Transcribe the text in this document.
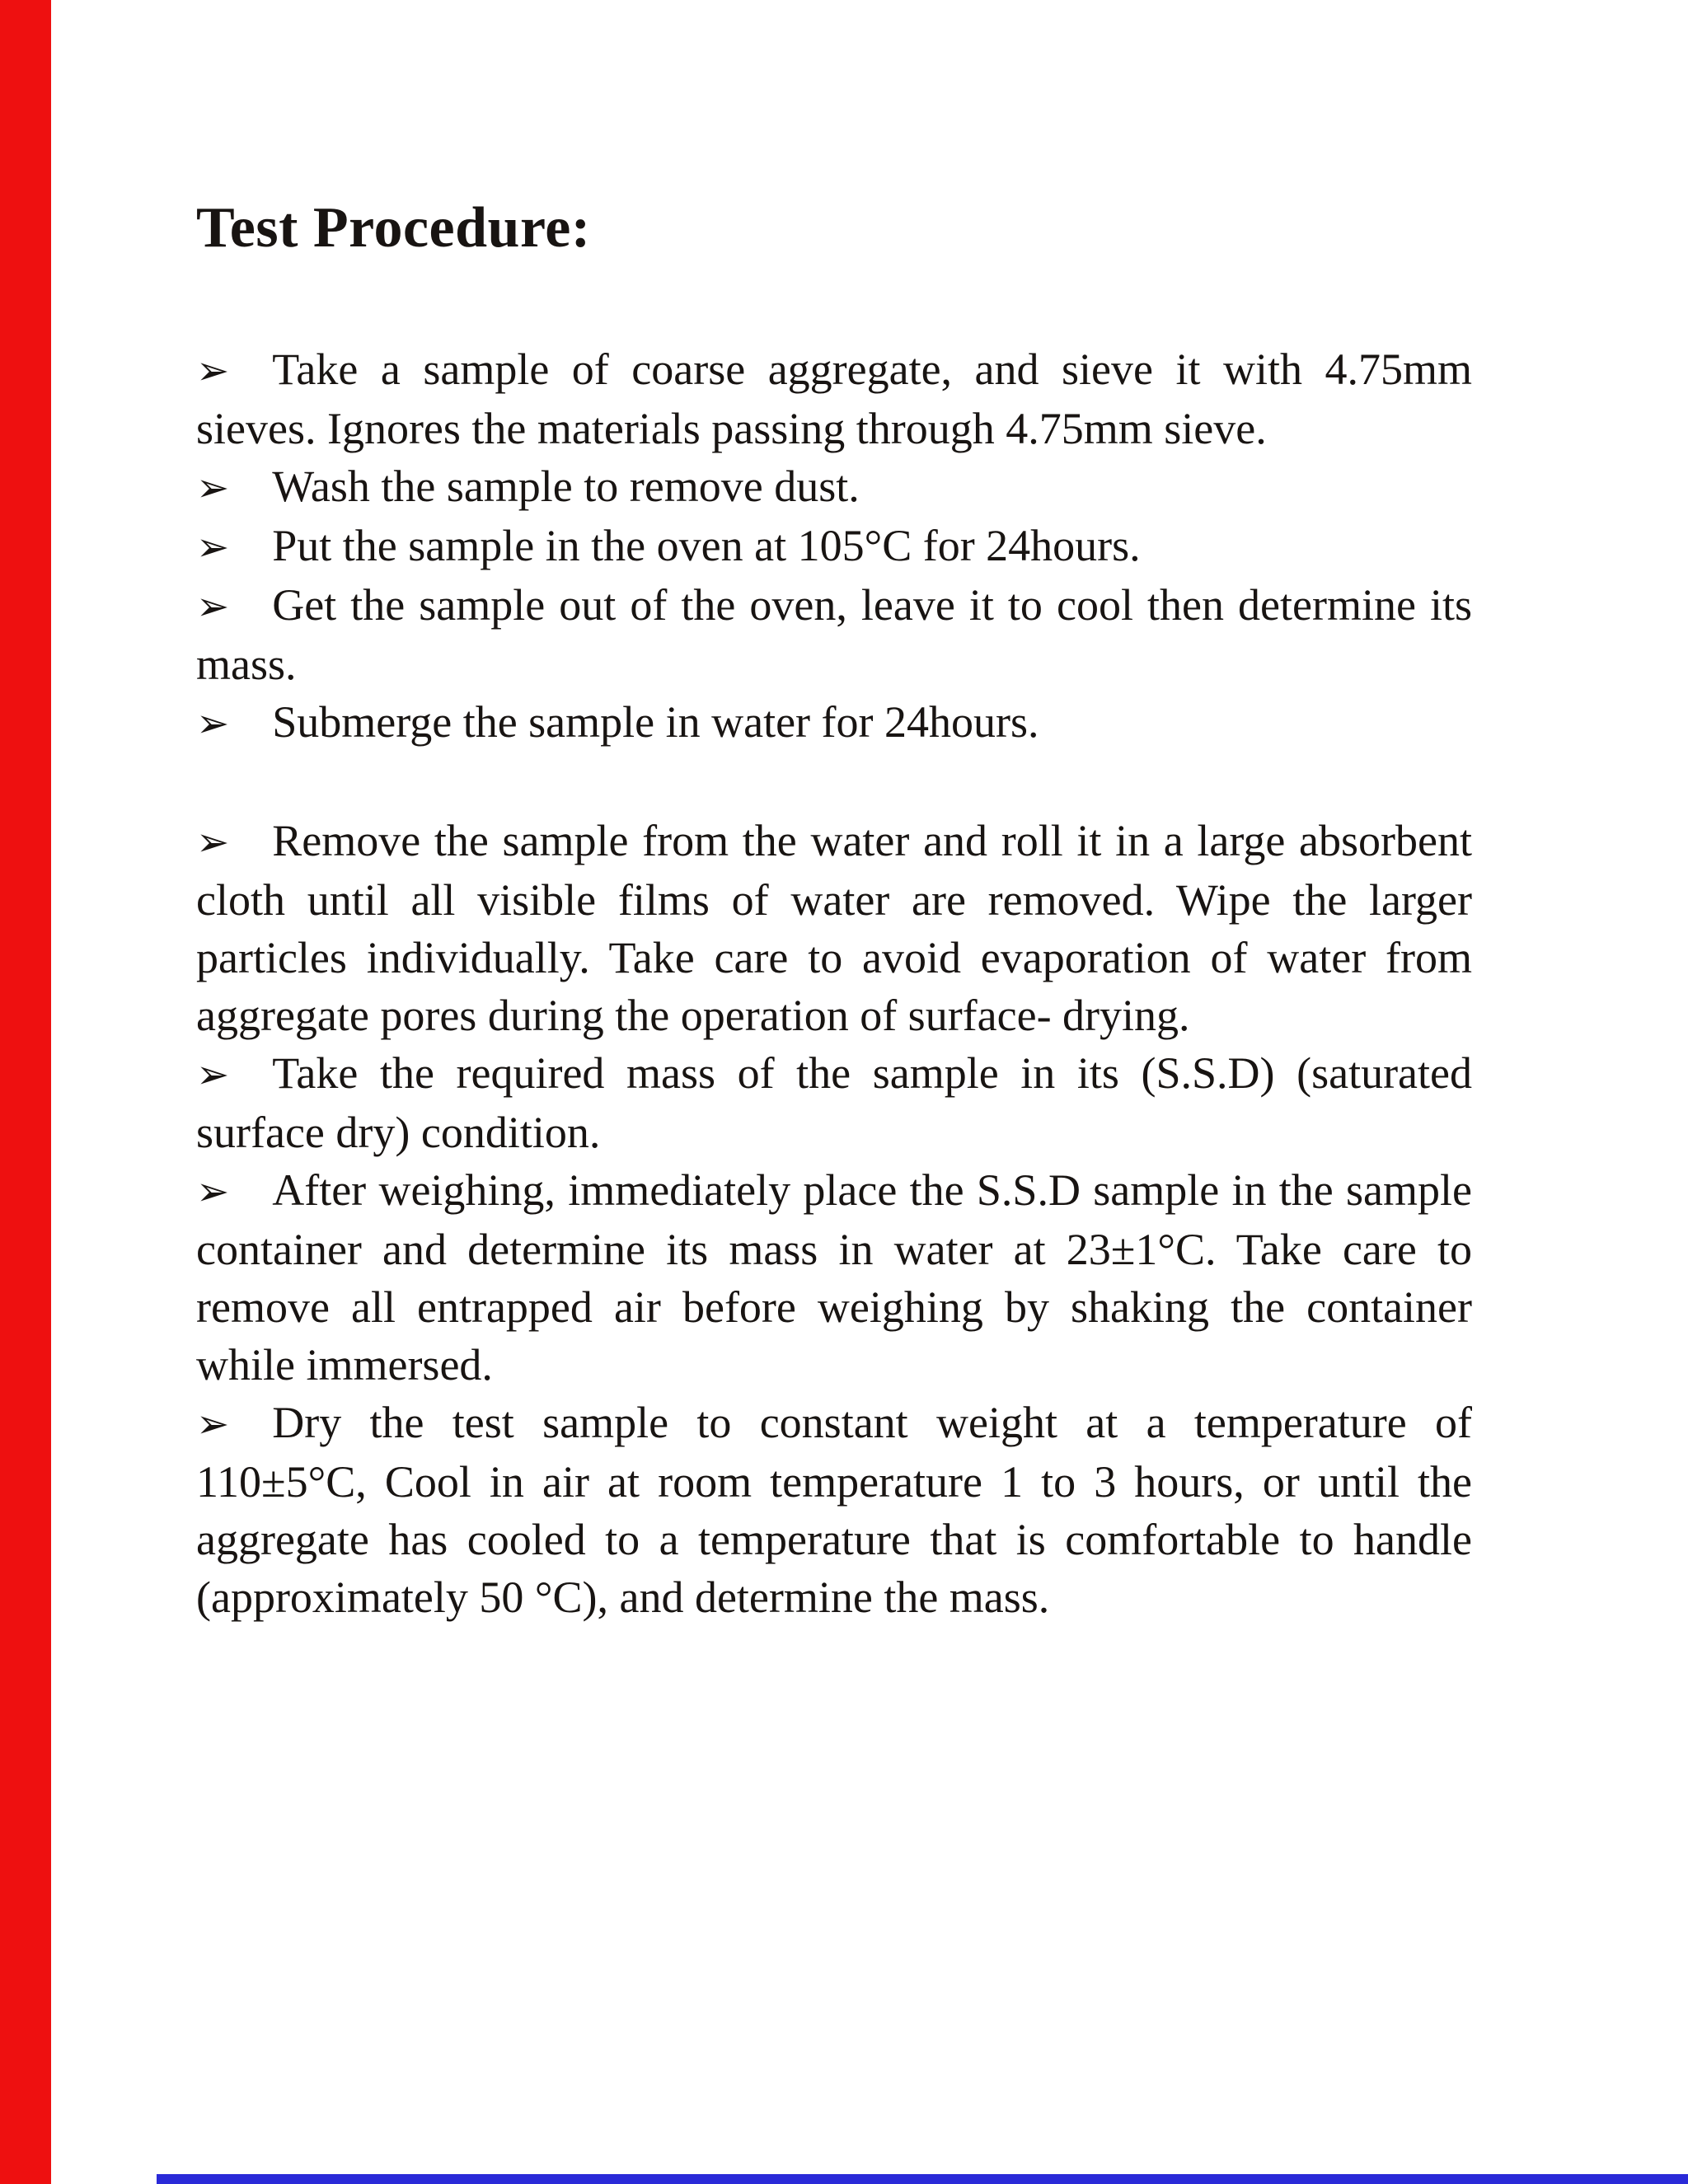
Test Procedure:

➢ Take a sample of coarse aggregate, and sieve it with 4.75mm sieves. Ignores the materials passing through 4.75mm sieve.

➢ Wash the sample to remove dust.

➢ Put the sample in the oven at 105°C for 24hours.

➢ Get the sample out of the oven, leave it to cool then determine its mass.

➢ Submerge the sample in water for 24hours.

➢ Remove the sample from the water and roll it in a large absorbent cloth until all visible films of water are removed. Wipe the larger particles individually. Take care to avoid evaporation of water from aggregate pores during the operation of surface- drying.

➢ Take the required mass of the sample in its (S.S.D) (saturated surface dry) condition.

➢ After weighing, immediately place the S.S.D sample in the sample container and determine its mass in water at 23±1°C. Take care to remove all entrapped air before weighing by shaking the container while immersed.

➢ Dry the test sample to constant weight at a temperature of 110±5°C, Cool in air at room temperature 1 to 3 hours, or until the aggregate has cooled to a temperature that is comfortable to handle (approximately 50 °C), and determine the mass.
